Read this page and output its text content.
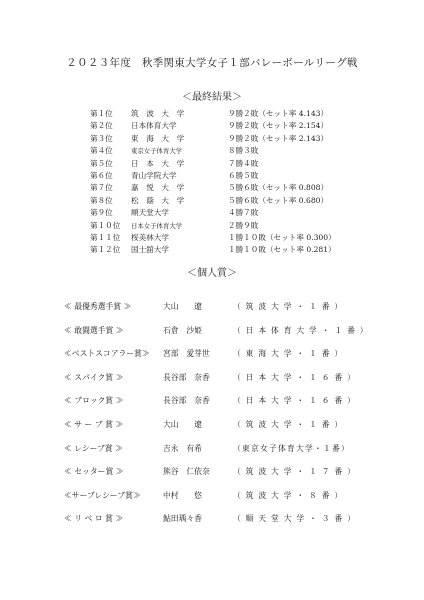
２０２３年度　秋季関東大学女子１部バレーボールリーグ戦
＜最終結果＞
第１位 筑 波 大 学	９勝２敗（セット率 4.143）
第２位 日本体育大学	９勝２敗（セット率 2.154）
第３位 東 海 大 学	９勝２敗（セット率 2.143）
第４位	東京女子体育大学	８勝３敗
第５位 日 本 大 学	７勝４敗
第６位 青山学院大学	６勝５敗
第７位 嘉 悦 大 学	５勝６敗（セット率 0.808）
第８位 松 蔭 大 学	５勝６敗（セット率 0.680）
第９位 順天堂大学	４勝７敗
第１０位 日本女子体育大学	２勝９敗
第１１位 桜美林大学	１勝１０敗（セット率 0.300）
第１２位 国士舘大学	１勝１０敗（セット率 0.281）
＜個人賞＞
≪ 最優秀選手賞 ≫	大山　　遼	（ 筑 波 大 学 ・ １ 番 ）
≪ 敢闘選手賞 ≫	石倉　沙姫	（ 日 本 体 育 大 学 ・ １ 番 ）
≪ベストスコアラー賞≫ 宮部　愛芽世	（ 東 海 大 学 ・ １ 番 ）
≪ スパイク賞 ≫	長谷部　奈香	（ 日 本 大 学 ・ １ ６ 番 ）
≪ ブロック賞 ≫	長谷部　奈香	（ 日 本 大 学 ・ １ ６ 番 ）
≪ サ ー ブ 賞 ≫	大山　　遼	（ 筑 波 大 学 ・ １ 番 ）
≪ レシーブ賞 ≫	吉永　有希	（東京女子体育大学・１番）
≪ セッター賞 ≫	熊谷　仁依奈	（ 筑 波 大 学 ・ １ ７ 番 ）
≪サーブレシーブ賞≫	中村　　悠	（ 筑 波 大 学 ・ ８ 番 ）
≪ リ ベ ロ 賞 ≫	鮎田瑀々香	（ 順 天 堂 大 学 ・ ３ 番 ）
